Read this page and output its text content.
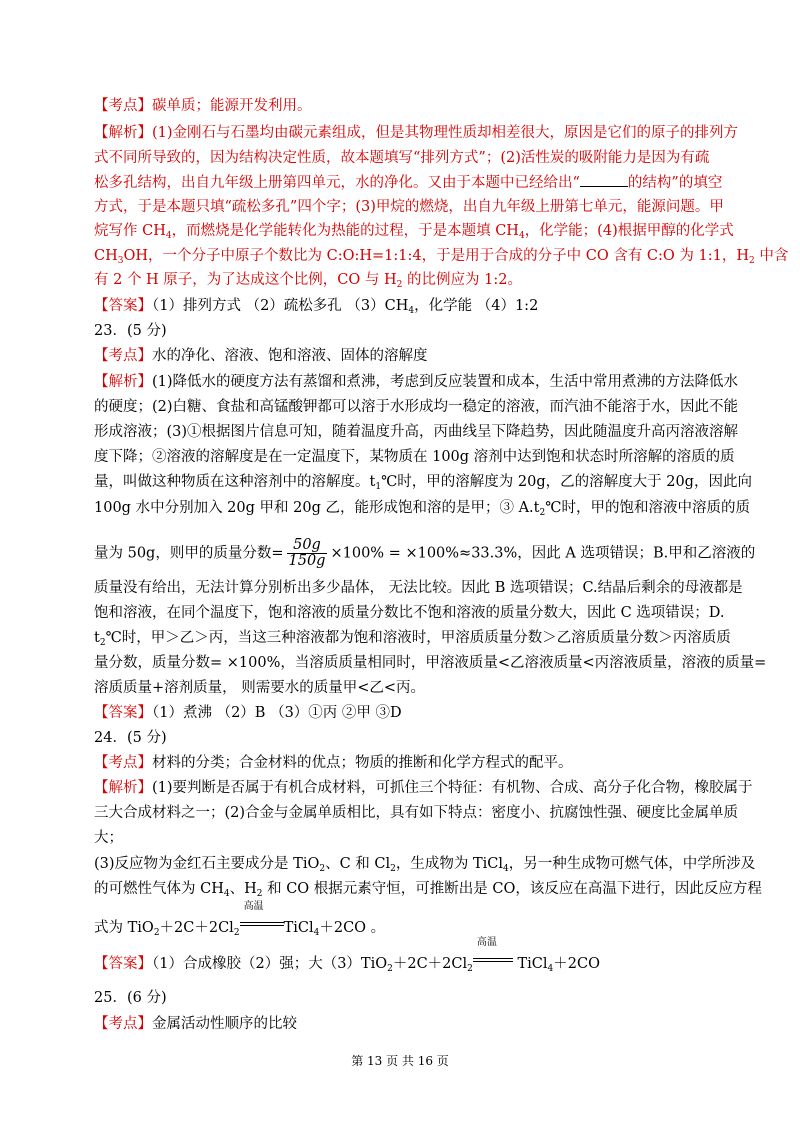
【考点】碳单质；能源开发利用。
【解析】(1)金刚石与石墨均由碳元素组成，但是其物理性质却相差很大，原因是它们的原子的排列方
式不同所导致的，因为结构决定性质，故本题填写“排列方式”；(2)活性炭的吸附能力是因为有疏
松多孔结构，出自九年级上册第四单元，水的净化。又由于本题中已经给出“	的结构”的填空
方式，于是本题只填“疏松多孔”四个字；(3)甲烷的燃烧，出自九年级上册第七单元，能源问题。甲
烷写作 $CH_4$，而燃烧是化学能转化为热能的过程，于是本题填 $CH_4$，化学能；(4)根据甲醇的化学式
$CH_3OH$，一个分子中原子个数比为 C:O:H=1:1:4，于是用于合成的分子中 CO 含有 C:O 为 1:1，$H_2$ 中含
有 2 个 H 原子，为了达成这个比例，CO 与 $H_2$ 的比例应为 1:2。
【答案】（1）排列方式 （2）疏松多孔 $(3)CH_4$，化学能 （4）1:2
23．(5 分)
【考点】水的净化、溶液、饱和溶液、固体的溶解度
【解析】(1)降低水的硬度方法有蒸馏和煮沸，考虑到反应装置和成本，生活中常用煮沸的方法降低水
的硬度；(2)白糖、食盐和高锰酸钾都可以溶于水形成均一稳定的溶液，而汽油不能溶于水，因此不能
形成溶液；(3)①根据图片信息可知，随着温度升高，丙曲线呈下降趋势，因此随温度升高丙溶液溶解
度下降；②溶液的溶解度是在一定温度下，某物质在 100g 溶剂中达到饱和状态时所溶解的溶质的质
量，叫做这种物质在这种溶剂中的溶解度。$t_1℃$时，甲的溶解度为 20g，乙的溶解度大于 20g，因此向
100g 水中分别加入 20g 甲和 20g 乙，能形成饱和溶的是甲；③ $A.t_2℃$时，甲的饱和溶液中溶质的质
量为 50g，则甲的质量分数= $\frac{50g}{150g} \times 100\% = \times 100\%\approx 33.3\%$，因此 A 选项错误；B.甲和乙溶液的
质量没有给出，无法计算分别析出多少晶体， 无法比较。因此 B 选项错误；C.结晶后剩余的母液都是
饱和溶液，在同个温度下，饱和溶液的质量分数比不饱和溶液的质量分数大，因此 C 选项错误；D.
$t_2℃$时，甲＞乙＞丙，当这三种溶液都为饱和溶液时，甲溶质质量分数＞乙溶质质量分数＞丙溶质质
量分数，质量分数= ×100%，当溶质质量相同时，甲溶液质量<乙溶液质量<丙溶液质量，溶液的质量=
溶质质量+溶剂质量， 则需要水的质量甲<乙<丙。
【答案】（1）煮沸 （2）B （3）①丙 ②甲 ③D
24．(5 分)
【考点】材料的分类；合金材料的优点；物质的推断和化学方程式的配平。
【解析】(1)要判断是否属于有机合成材料，可抓住三个特征：有机物、合成、高分子化合物，橡胶属于
三大合成材料之一；(2)合金与金属单质相比，具有如下特点：密度小、抗腐蚀性强、硬度比金属单质
大；
(3)反应物为金红石主要成分是 TiO$_2$、C 和 $Cl_2$，生成物为 TiCl$_4$，另一种生成物可燃气体，中学所涉及
的可燃性气体为 $CH_4$、$H_2$ 和 CO 根据元素守恒，可推断出是 CO，该反应在高温下进行，因此反应方程
式为 $TiO_2+2C+2Cl_2$
高温
TiCl$_4$＋2CO 。
【答案】（1）合成橡胶（2）强；大$(3)TiO_2+2C+2Cl_2$
高温
TiCl$_4$＋2CO
25．(6 分)
【考点】金属活动性顺序的比较
第 13 页 共 16 页
